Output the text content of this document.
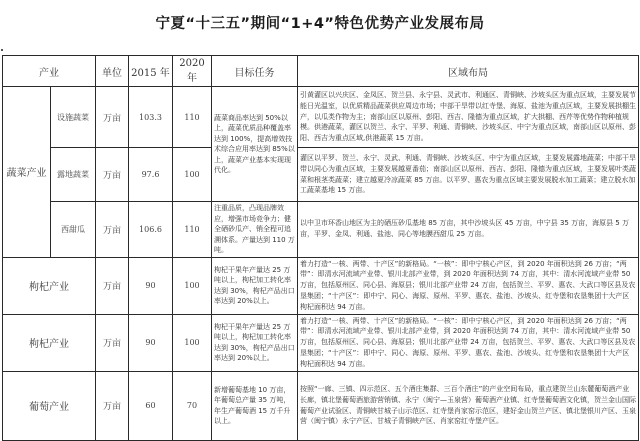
宁夏“十三五”期间“1+4”特色优势产业发展布局
产业		单位	2015 年	2020 年	目标任务	区域布局
蔬菜产业	设施蔬菜	万亩	103.3	110	蔬菜商品率达到 50%以上，蔬菜优质品种覆盖率达到 100%，提高增效技术综合应用率达到 85%以上，蔬菜产业基本实现现代化。	引黄灌区以兴庆区、金凤区、贺兰县、永宁县、灵武市、利通区、青铜峡、沙坡头区为重点区域，主要发展节能日光温室，以优质精品蔬菜供应周边市场；中部干旱带以红寺堡、海原、盐池为重点区域，主要发展拱棚生产，以瓜类作物为主；南部山区以原州、彭阳、西吉、隆德为重点区域，扩大拱棚、西芹等优势作物种植规模。供港蔬菜，灌区以贺兰、永宁、平罗、利通、青铜峡、沙坡头区、中宁为重点区域，南部山区以原州、彭阳、西吉为重点区域,供港蔬菜 15 万亩。
	露地蔬菜	万亩	97.6	100		灌区以平罗、贺兰、永宁、灵武、利通、青铜峡、沙坡头区、中宁为重点区域，主要发展露地蔬菜；中部干旱带以同心为重点区域，主要发展越夏番茄；南部山区以原州、西吉、彭阳、隆德为重点区域，主要发展叶类蔬菜和根茎类蔬菜；建立越夏冷凉蔬菜 85 万亩。以平罗、惠农为重点区域主要发展脱水加工蔬菜；建立脱水加工蔬菜基地 15 万亩。
	西甜瓜	万亩	106.6	110	注重品质，凸现品牌效应，增强市场竞争力；健全硒砂瓜产、销全程可追溯体系。产量达到 110 万吨。	以中卫市环香山地区为主的硒压砂瓜基地 85 万亩，其中沙坡头区 45 万亩，中宁县 35 万亩，海原县 5 万亩，平罗、金凤、利通、盐池、同心等地膜西甜瓜 25 万亩。
枸杞产业		万亩	90	100	枸杞干果年产量达 25 万吨以上，枸杞加工转化率达到 30%，枸杞产品出口率达到 20%以上。	着力打造“一核、两带、十产区”的新格局。“一核”：即中宁核心产区，到 2020 年面积达到 26 万亩；“两带”：即清水河流域产业带、银川北部产业带，到 2020 年面积达到 74 万亩，其中：清水河流域产业带 50 万亩，包括原州区、同心县、海原县；银川北部产业带 24 万亩，包括贺兰、平罗、惠农、大武口等区县及农垦集团；“十产区”：即中宁、同心、海原、原州、平罗、惠农、盐池、沙坡头、红寺堡和农垦集团十大产区枸杞面积达 94 万亩。
枸杞产业		万亩	90	100	枸杞干果年产量达 25 万吨以上，枸杞加工转化率达到 30%，枸杞产品出口率达到 20%以上。	着力打造“一核、两带、十产区”的新格局。“一核”：即中宁核心产区，到 2020 年面积达到 26 万亩；“两带”：即清水河流域产业带、银川北部产业带，到 2020 年面积达到 74 万亩，其中：清水河流域产业带 50 万亩，包括原州区、同心县、海原县；银川北部产业带 24 万亩，包括贺兰、平罗、惠农、大武口等区县及农垦集团；“十产区”：即中宁、同心、海原、原州、平罗、惠农、盐池、沙坡头、红寺堡和农垦集团十大产区枸杞面积达 94 万亩。
葡萄产业		万亩	60	70	新增葡萄基地 10 万亩，年葡萄总产量 35 万吨，年生产葡萄酒 15 万千升以上。	按照“一廊、三镇、四示范区、五个酒庄集群、三百个酒庄”的产业空间布局，重点建贺兰山东麓葡萄酒产业长廊，镇北堡葡萄酒旅游营销镇、永宁（闽宁—玉泉营）葡萄酒产业镇、红寺堡葡萄酒文化镇，贺兰金山国际葡萄产业试验区、青铜峡甘城子山示范区、红寺堡肖家窑示范区，建好金山贺兰产区、镇北堡银川产区、玉泉营（闽宁镇）永宁产区、甘城子青铜峡产区、肖家窑红寺堡产区。
